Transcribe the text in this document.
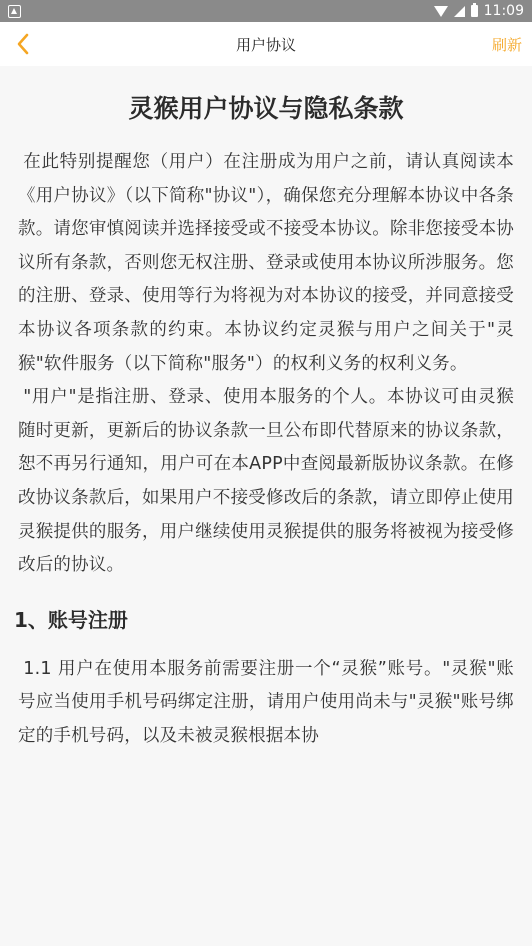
11:09
用户协议	刷新
灵猴用户协议与隐私条款

在此特别提醒您（用户）在注册成为用户之前，请认真阅读本《用户协议》（以下简称"协议"），确保您充分理解本协议中各条款。请您审慎阅读并选择接受或不接受本协议。除非您接受本协议所有条款，否则您无权注册、登录或使用本协议所涉服务。您的注册、登录、使用等行为将视为对本协议的接受，并同意接受本协议各项条款的约束。本协议约定灵猴与用户之间关于"灵猴"软件服务（以下简称"服务"）的权利义务的权利义务。

"用户"是指注册、登录、使用本服务的个人。本协议可由灵猴随时更新，更新后的协议条款一旦公布即代替原来的协议条款，恕不再另行通知，用户可在本APP中查阅最新版协议条款。在修改协议条款后，如果用户不接受修改后的条款，请立即停止使用灵猴提供的服务，用户继续使用灵猴提供的服务将被视为接受修改后的协议。

1、账号注册

1.1 用户在使用本服务前需要注册一个“灵猴”账号。"灵猴"账号应当使用手机号码绑定注册，请用户使用尚未与"灵猴"账号绑定的手机号码，以及未被灵猴根据本协
